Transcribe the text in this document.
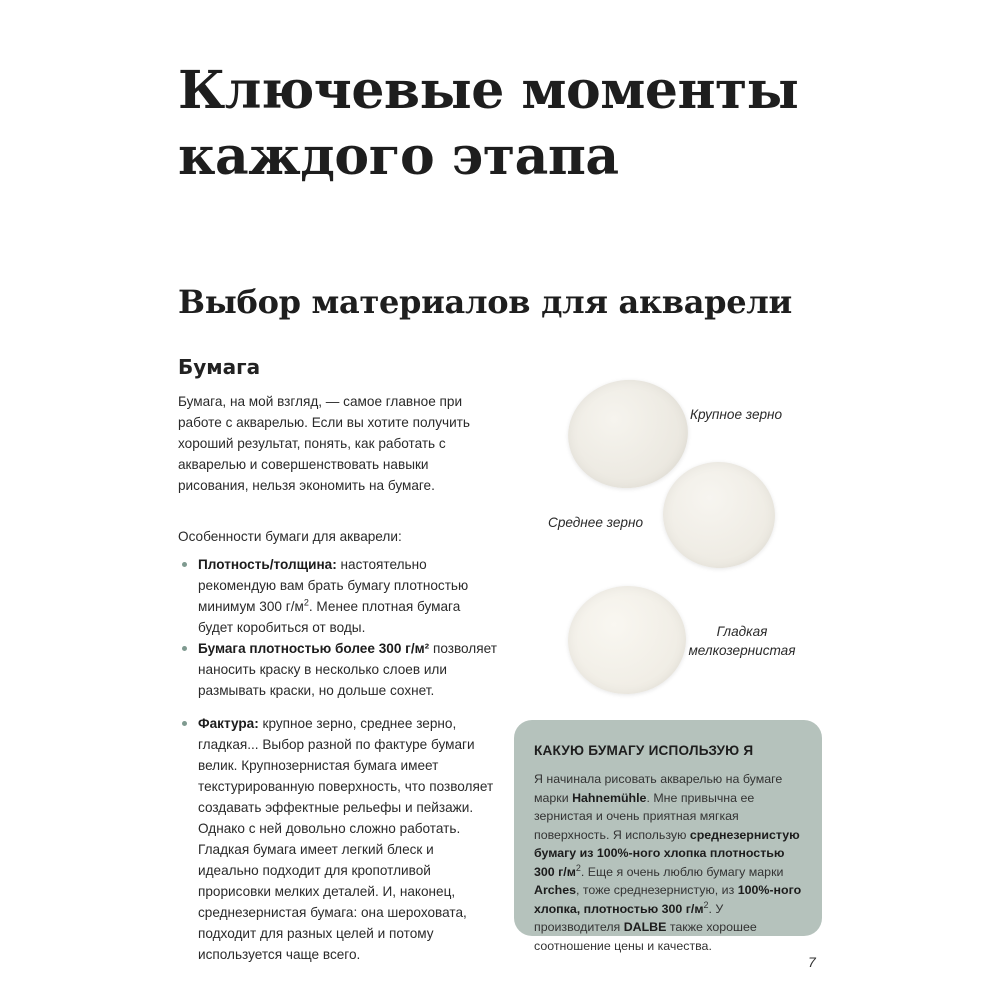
Ключевые моменты каждого этапа
Выбор материалов для акварели
Бумага

Бумага, на мой взгляд, — самое главное при работе с акварелью. Если вы хотите получить хороший результат, понять, как работать с акварелью и совершенствовать навыки рисования, нельзя экономить на бумаге.

Особенности бумаги для акварели:

Плотность/толщина: настоятельно рекомендую вам брать бумагу плотностью минимум 300 $г/м^2$. Менее плотная бумага будет коробиться от воды.
Бумага плотностью более 300 г/м² позволяет наносить краску в несколько слоев или размывать краски, но дольше сохнет.
Фактура: крупное зерно, среднее зерно, гладкая... Выбор разной по фактуре бумаги велик. Крупнозернистая бумага имеет текстурированную поверхность, что позволяет создавать эффектные рельефы и пейзажи. Однако с ней довольно сложно работать. Гладкая бумага имеет легкий блеск и идеально подходит для кропотливой прорисовки мелких деталей. И, наконец, среднезернистая бумага: она шероховата, подходит для разных целей и потому используется чаще всего.
Крупное зерно
Среднее зерно
Гладкая
мелкозернистая

КАКУЮ БУМАГУ ИСПОЛЬЗУЮ Я

Я начинала рисовать акварелью на бумаге марки Hahnemühle. Мне привычна ее зернистая и очень приятная мягкая поверхность. Я использую среднезернистую бумагу из 100%-ного хлопка плотностью 300 $г/м^2$. Еще я очень люблю бумагу марки Arches, тоже среднезернистую, из 100%-ного хлопка, плотностью 300 $г/м^2$. У производителя DALBE также хорошее соотношение цены и качества.

7
